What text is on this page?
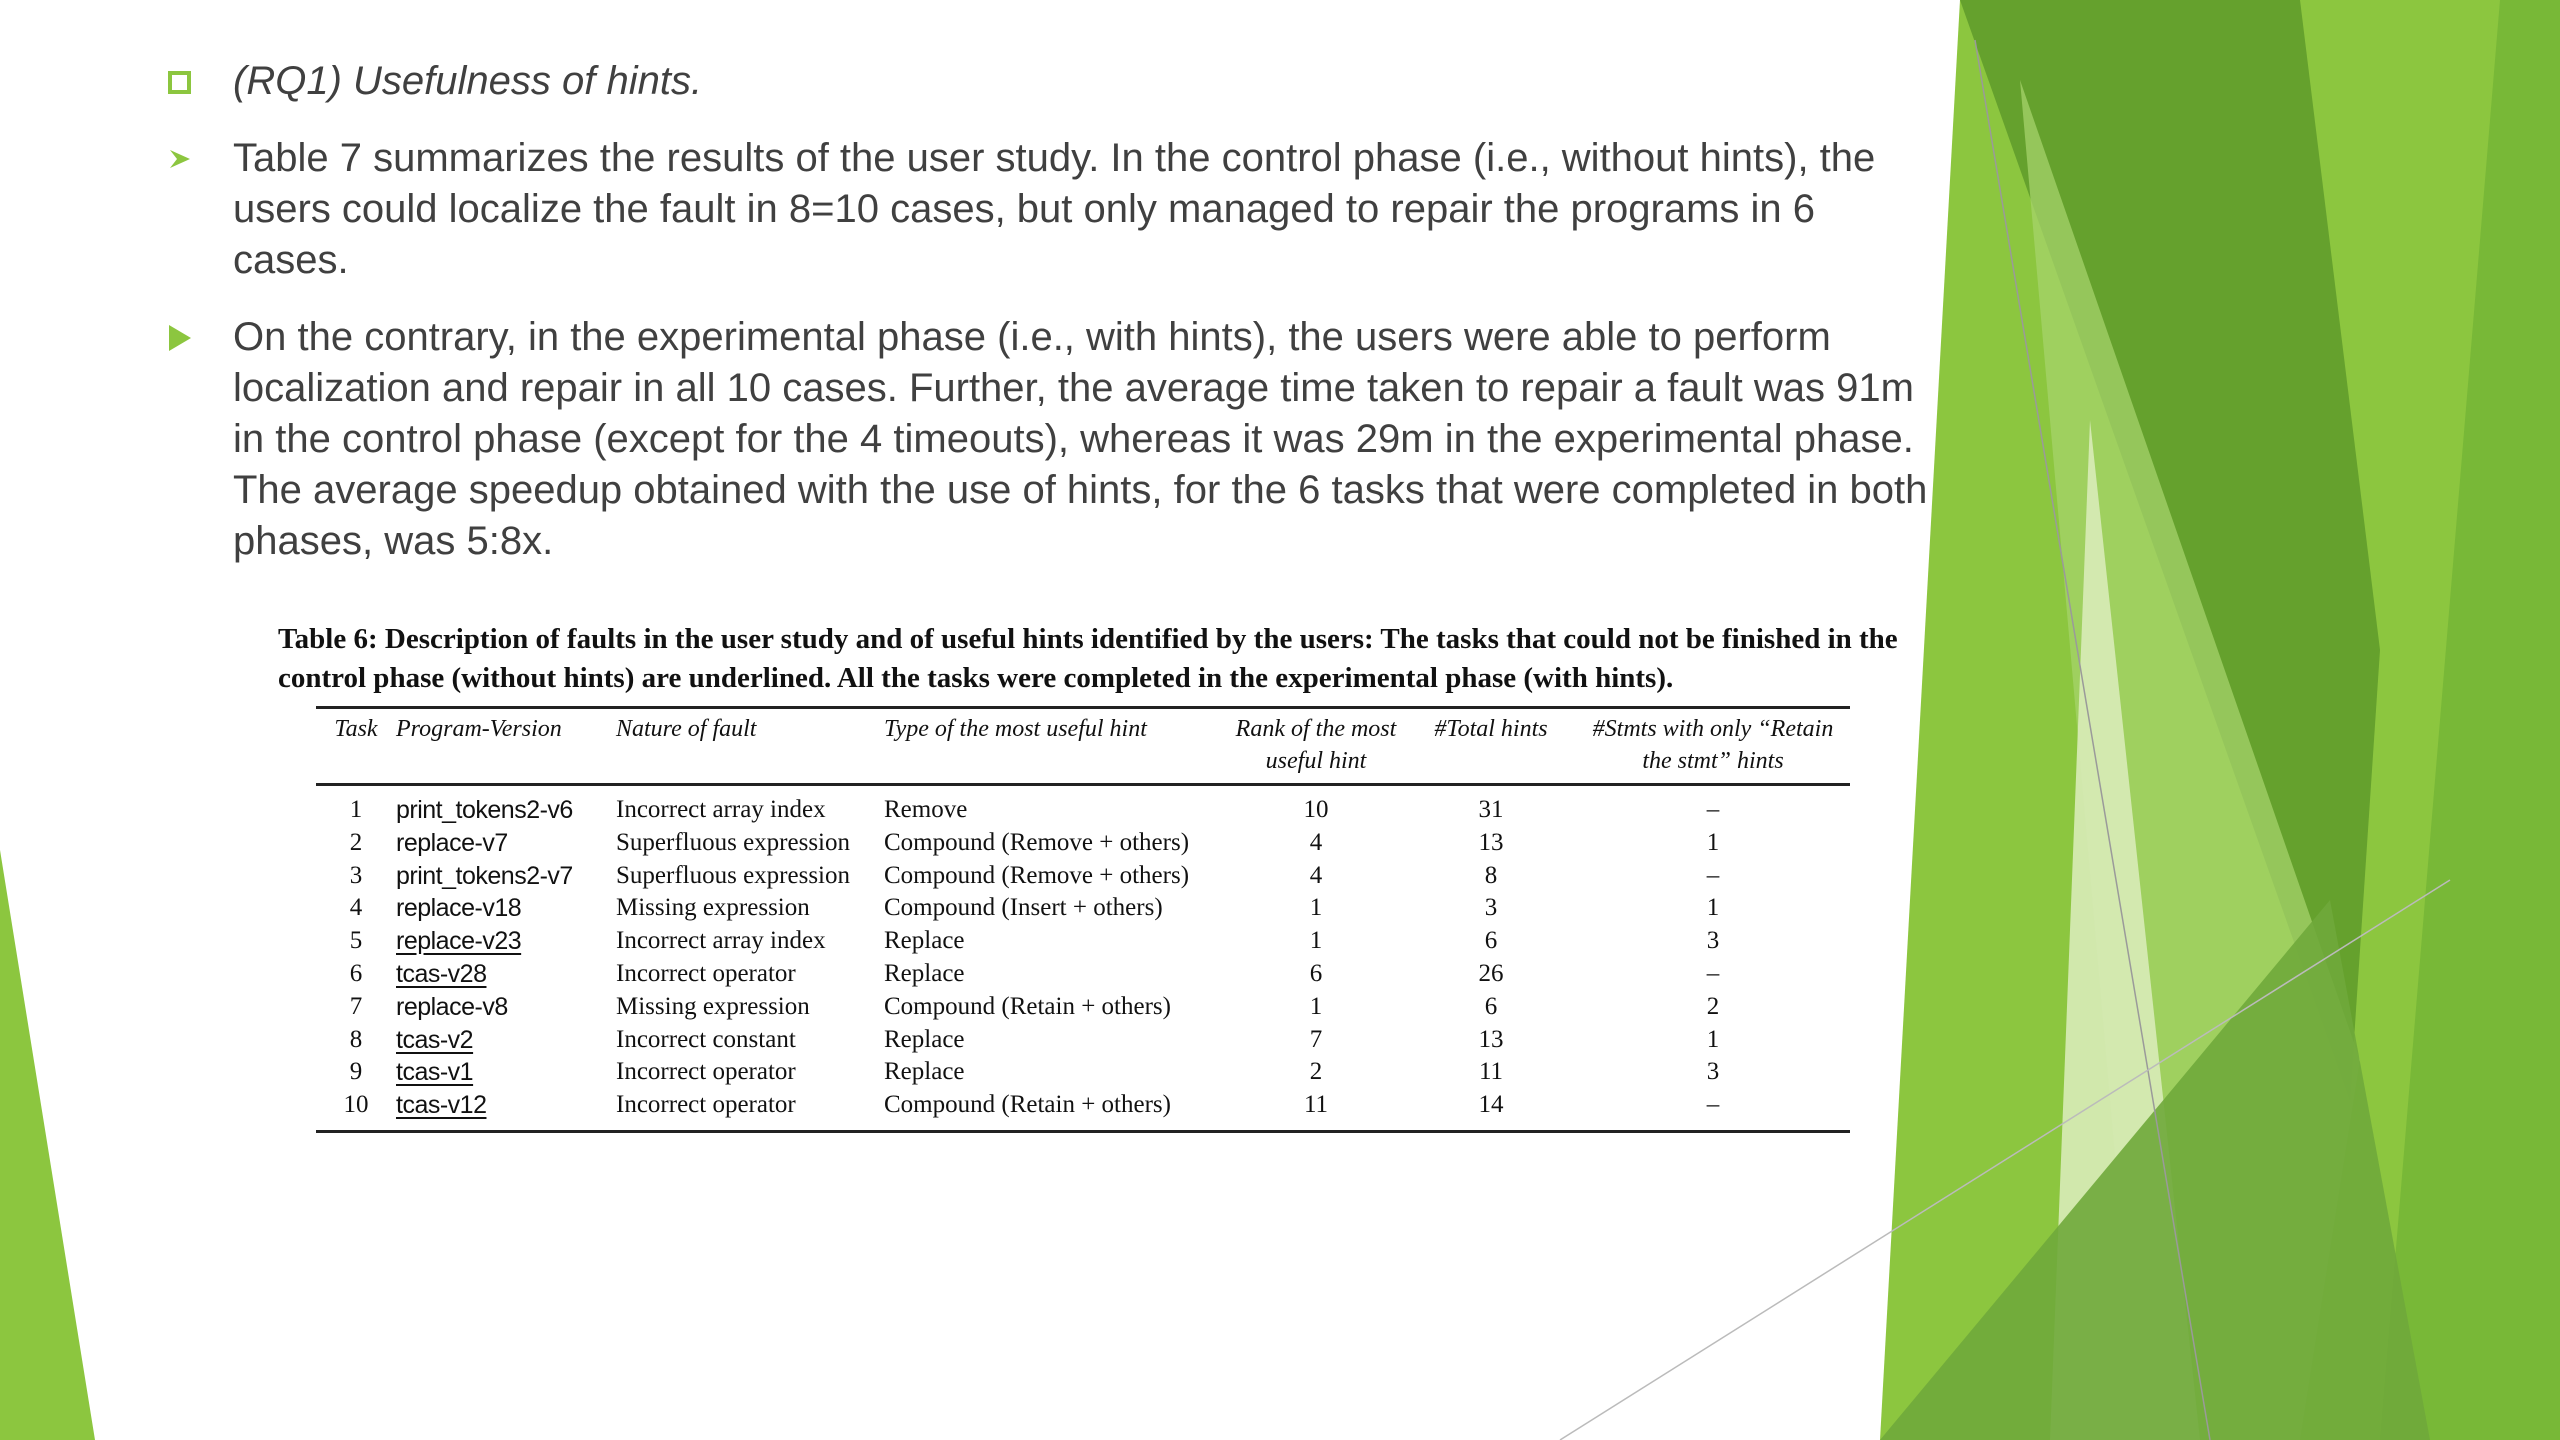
(RQ1) Usefulness of hints.

Table 7 summarizes the results of the user study. In the control phase (i.e., without hints), the users could localize the fault in 8=10 cases, but only managed to repair the programs in 6 cases.

On the contrary, in the experimental phase (i.e., with hints), the users were able to perform localization and repair in all 10 cases. Further, the average time taken to repair a fault was 91m in the control phase (except for the 4 timeouts), whereas it was 29m in the experimental phase. The average speedup obtained with the use of hints, for the 6 tasks that were completed in both phases, was 5:8x.

Table 6: Description of faults in the user study and of useful hints identified by the users: The tasks that could not be finished in the control phase (without hints) are underlined. All the tasks were completed in the experimental phase (with hints).

Task	Program-Version	Nature of fault	Type of the most useful hint	Rank of the most useful hint	#Total hints	#Stmts with only “Retain the stmt” hints
1	print_tokens2-v6	Incorrect array index	Remove	10	31	–
2	replace-v7	Superfluous expression	Compound (Remove + others)	4	13	1
3	print_tokens2-v7	Superfluous expression	Compound (Remove + others)	4	8	–
4	replace-v18	Missing expression	Compound (Insert + others)	1	3	1
5	replace-v23	Incorrect array index	Replace	1	6	3
6	tcas-v28	Incorrect operator	Replace	6	26	–
7	replace-v8	Missing expression	Compound (Retain + others)	1	6	2
8	tcas-v2	Incorrect constant	Replace	7	13	1
9	tcas-v1	Incorrect operator	Replace	2	11	3
10	tcas-v12	Incorrect operator	Compound (Retain + others)	11	14	–
